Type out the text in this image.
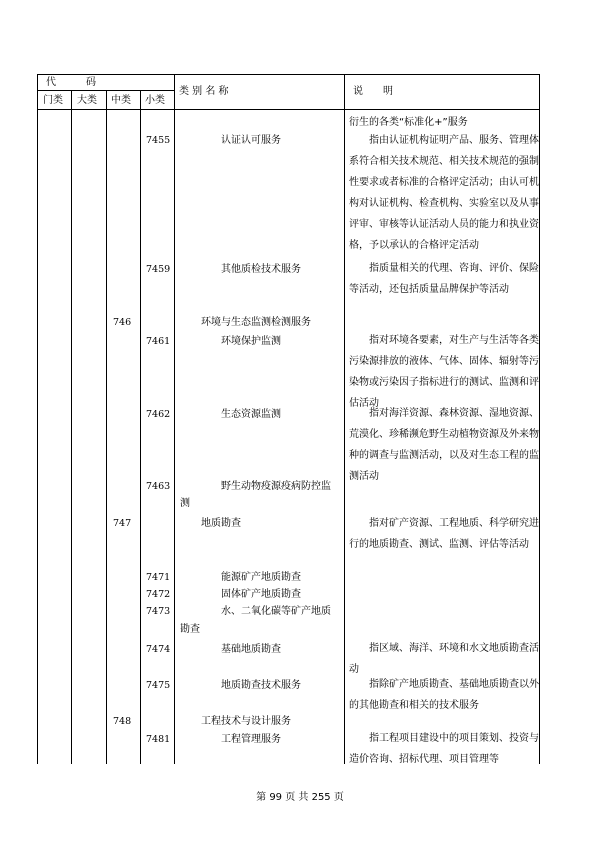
代　　　码
门类 大类 中类 小类
类 别 名 称	说　　明

衍生的各类“标准化+”服务

7455	认证认可服务	指由认证机构证明产品、服务、管理体系符合相关技术规范、相关技术规范的强制性要求或者标准的合格评定活动；由认可机构对认证机构、检查机构、实验室以及从事评审、审核等认证活动人员的能力和执业资格，予以承认的合格评定活动

7459	其他质检技术服务	指质量相关的代理、咨询、评价、保险等活动，还包括质量品牌保护等活动

746	环境与生态监测检测服务
7461	环境保护监测	指对环境各要素，对生产与生活等各类污染源排放的液体、气体、固体、辐射等污染物或污染因子指标进行的测试、监测和评估活动

7462	生态资源监测	指对海洋资源、森林资源、湿地资源、荒漠化、珍稀濒危野生动植物资源及外来物种的调查与监测活动，以及对生态工程的监测活动

7463	野生动物疫源疫病防控监
测
747	地质勘查	指对矿产资源、工程地质、科学研究进行的地质勘查、测试、监测、评估等活动

7471	能源矿产地质勘查
7472	固体矿产地质勘查
7473	水、二氧化碳等矿产地质
勘查
7474	基础地质勘查	指区域、海洋、环境和水文地质勘查活动

7475	地质勘查技术服务	指除矿产地质勘查、基础地质勘查以外的其他勘查和相关的技术服务

748	工程技术与设计服务
7481	工程管理服务	指工程项目建设中的项目策划、投资与造价咨询、招标代理、项目管理等

第 99 页 共 255 页
